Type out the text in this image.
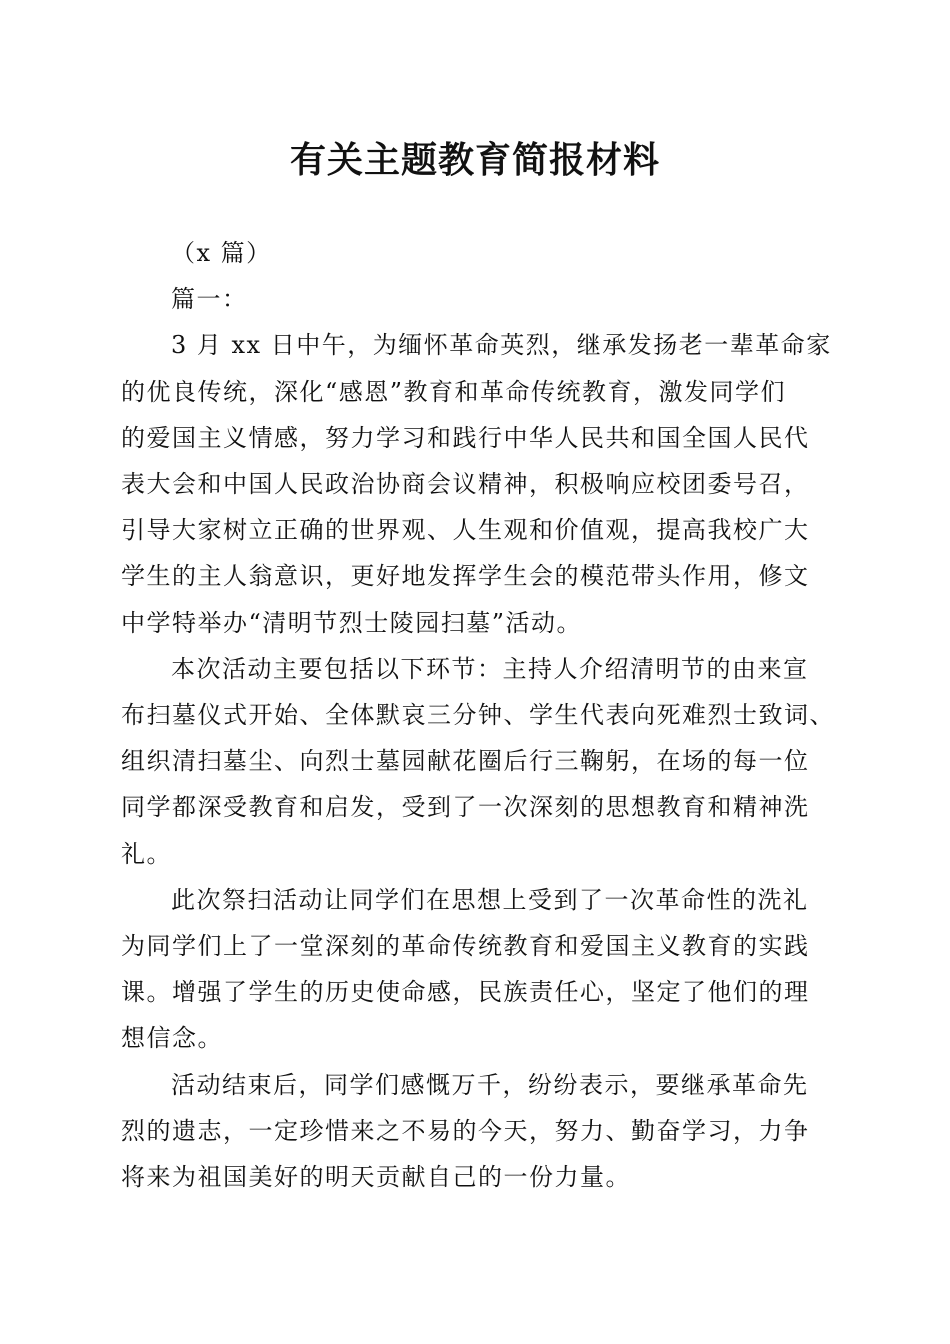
有关主题教育简报材料
（x 篇）
篇一：
3 月 xx 日中午，为缅怀革命英烈，继承发扬老一辈革命家
的优良传统，深化“感恩”教育和革命传统教育，激发同学们
的爱国主义情感，努力学习和践行中华人民共和国全国人民代
表大会和中国人民政治协商会议精神，积极响应校团委号召，
引导大家树立正确的世界观、人生观和价值观，提高我校广大
学生的主人翁意识，更好地发挥学生会的模范带头作用，修文
中学特举办“清明节烈士陵园扫墓”活动。
本次活动主要包括以下环节：主持人介绍清明节的由来宣
布扫墓仪式开始、全体默哀三分钟、学生代表向死难烈士致词、
组织清扫墓尘、向烈士墓园献花圈后行三鞠躬，在场的每一位
同学都深受教育和启发，受到了一次深刻的思想教育和精神洗
礼。
此次祭扫活动让同学们在思想上受到了一次革命性的洗礼
为同学们上了一堂深刻的革命传统教育和爱国主义教育的实践
课。增强了学生的历史使命感，民族责任心，坚定了他们的理
想信念。
活动结束后，同学们感慨万千，纷纷表示，要继承革命先
烈的遗志，一定珍惜来之不易的今天，努力、勤奋学习，力争
将来为祖国美好的明天贡献自己的一份力量。
